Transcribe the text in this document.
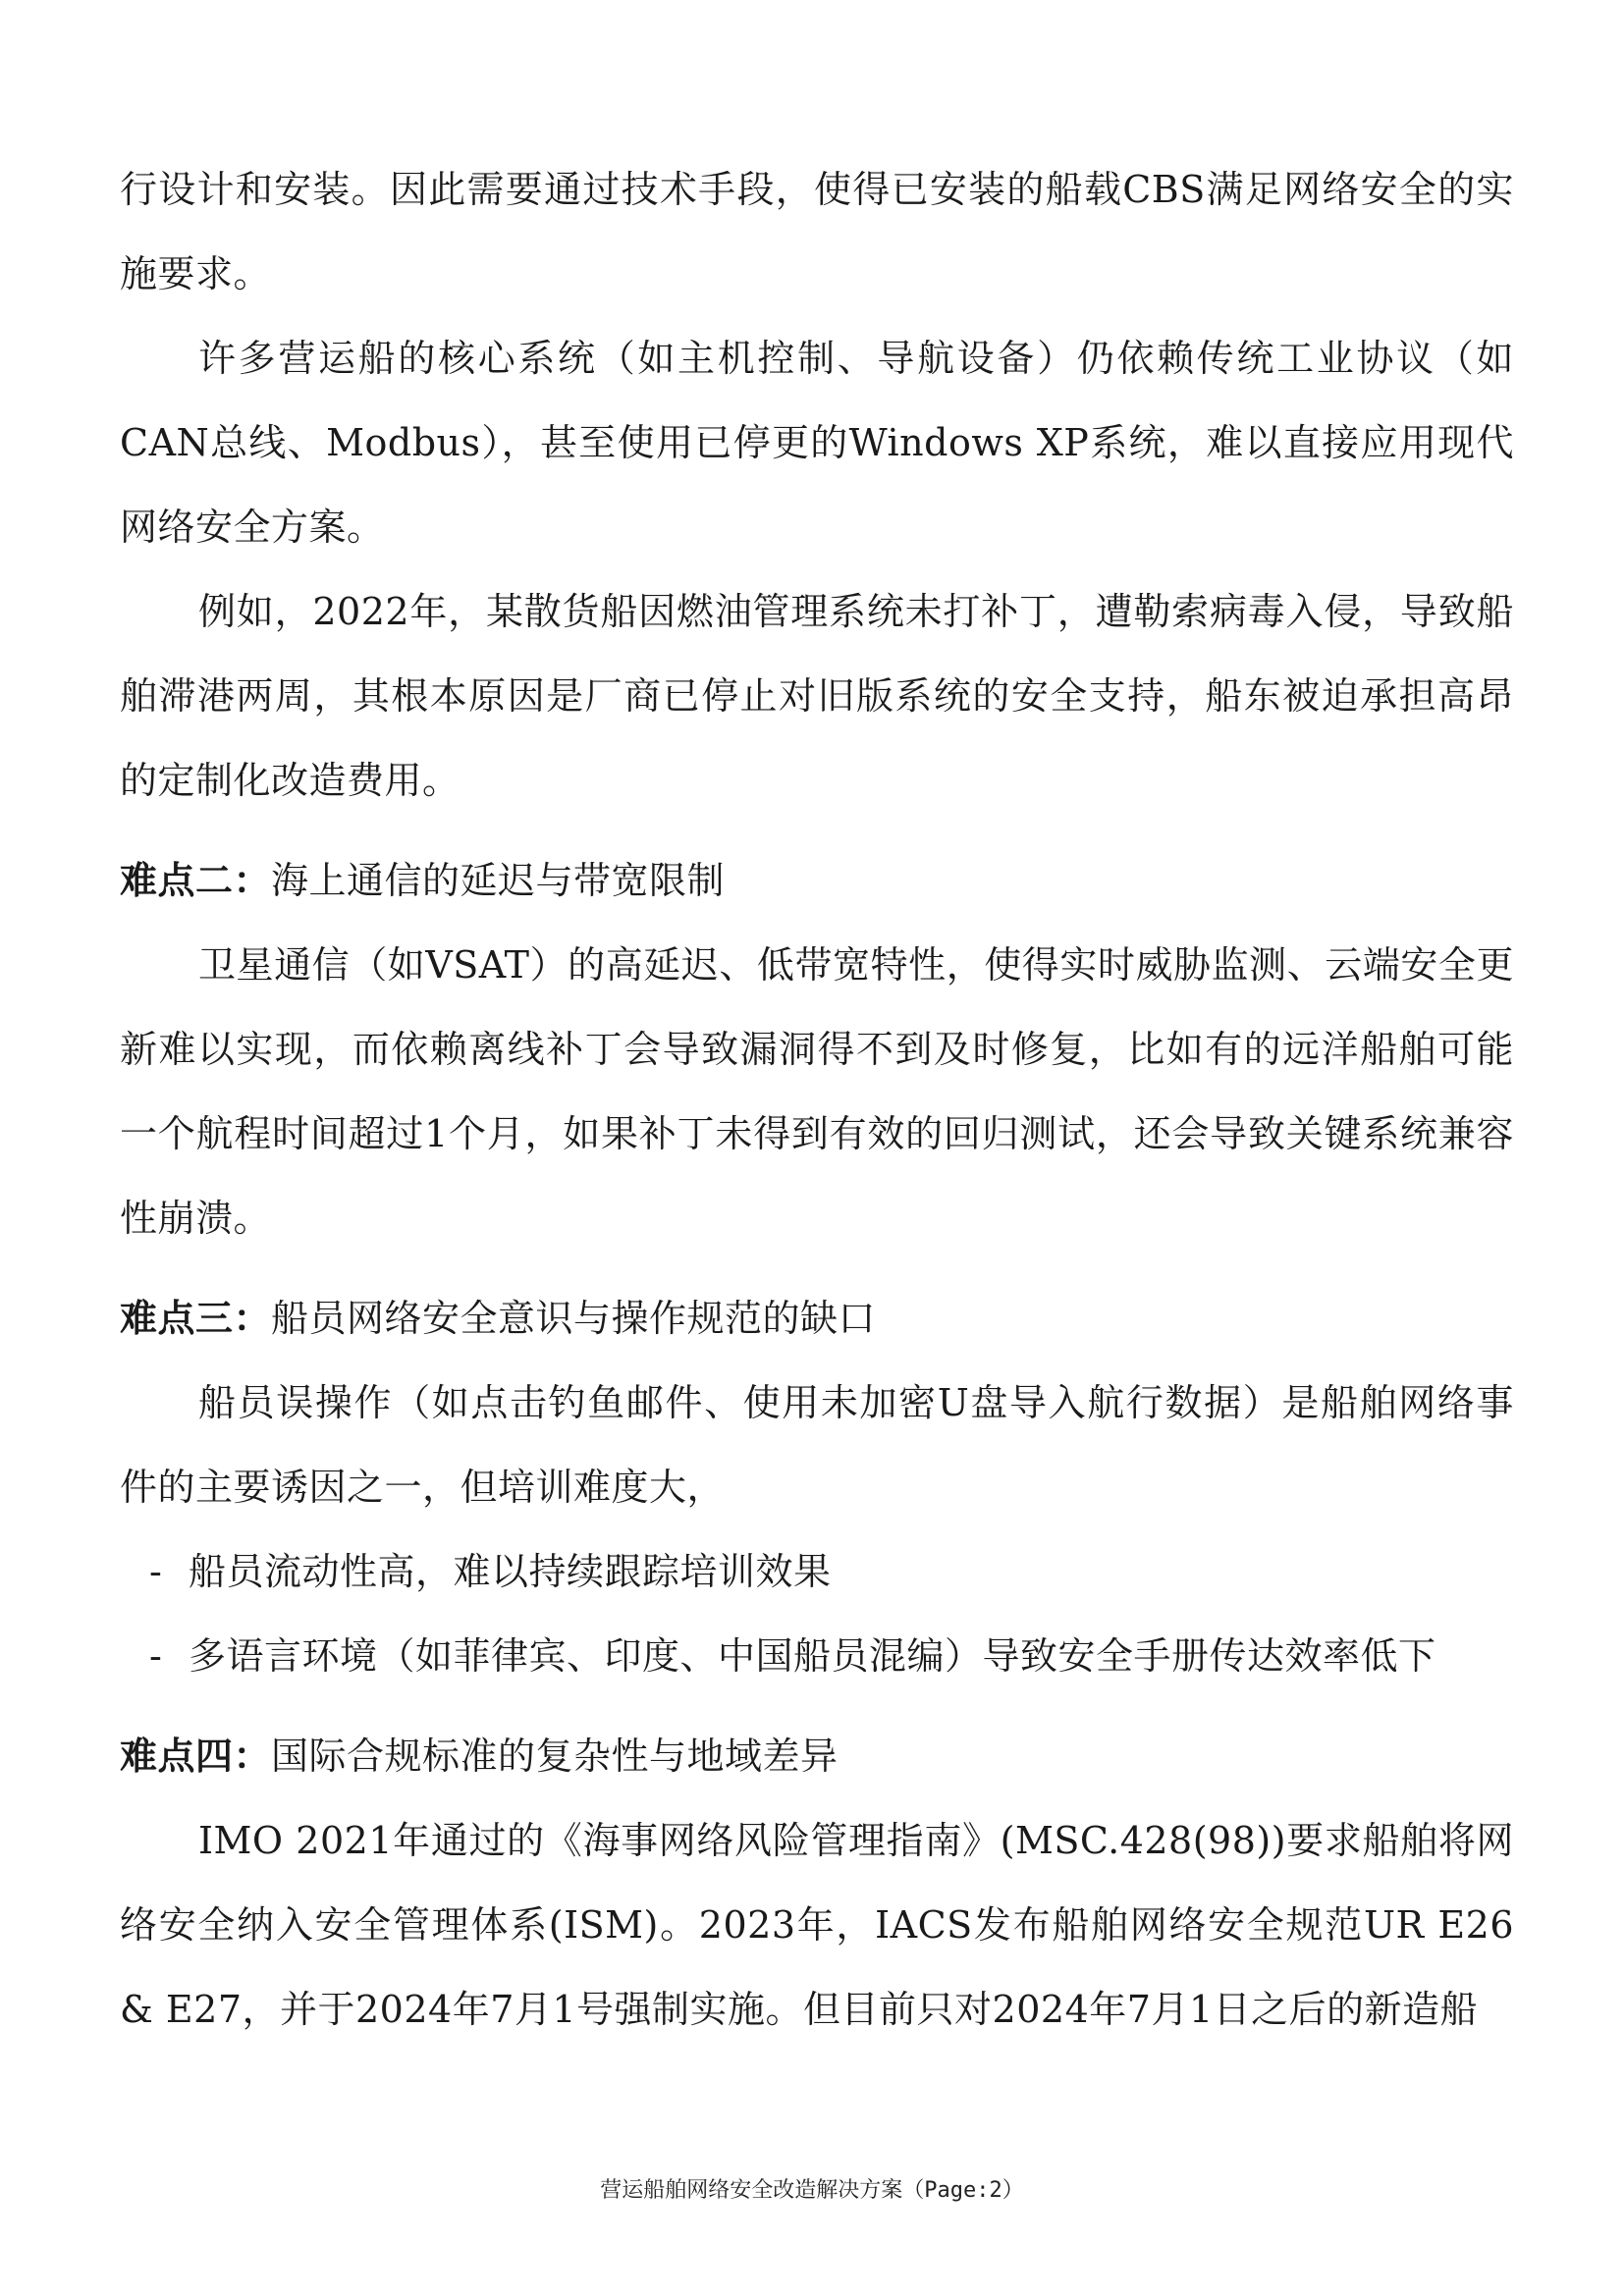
行设计和安装。因此需要通过技术手段，使得已安装的船载CBS满足网络安全的实施要求。

许多营运船的核心系统（如主机控制、导航设备）仍依赖传统工业协议（如CAN总线、Modbus），甚至使用已停更的Windows XP系统，难以直接应用现代网络安全方案。

例如，2022年，某散货船因燃油管理系统未打补丁，遭勒索病毒入侵，导致船舶滞港两周，其根本原因是厂商已停止对旧版系统的安全支持，船东被迫承担高昂的定制化改造费用。

难点二：海上通信的延迟与带宽限制

卫星通信（如VSAT）的高延迟、低带宽特性，使得实时威胁监测、云端安全更新难以实现，而依赖离线补丁会导致漏洞得不到及时修复，比如有的远洋船舶可能一个航程时间超过1个月，如果补丁未得到有效的回归测试，还会导致关键系统兼容性崩溃。

难点三：船员网络安全意识与操作规范的缺口

船员误操作（如点击钓鱼邮件、使用未加密U盘导入航行数据）是船舶网络事件的主要诱因之一，但培训难度大，

- 船员流动性高，难以持续跟踪培训效果

- 多语言环境（如菲律宾、印度、中国船员混编）导致安全手册传达效率低下

难点四：国际合规标准的复杂性与地域差异

IMO 2021年通过的《海事网络风险管理指南》(MSC.428(98))要求船舶将网络安全纳入安全管理体系(ISM)。2023年，IACS发布船舶网络安全规范UR E26 & E27，并于2024年7月1号强制实施。但目前只对2024年7月1日之后的新造船

营运船舶网络安全改造解决方案（Page:2）
